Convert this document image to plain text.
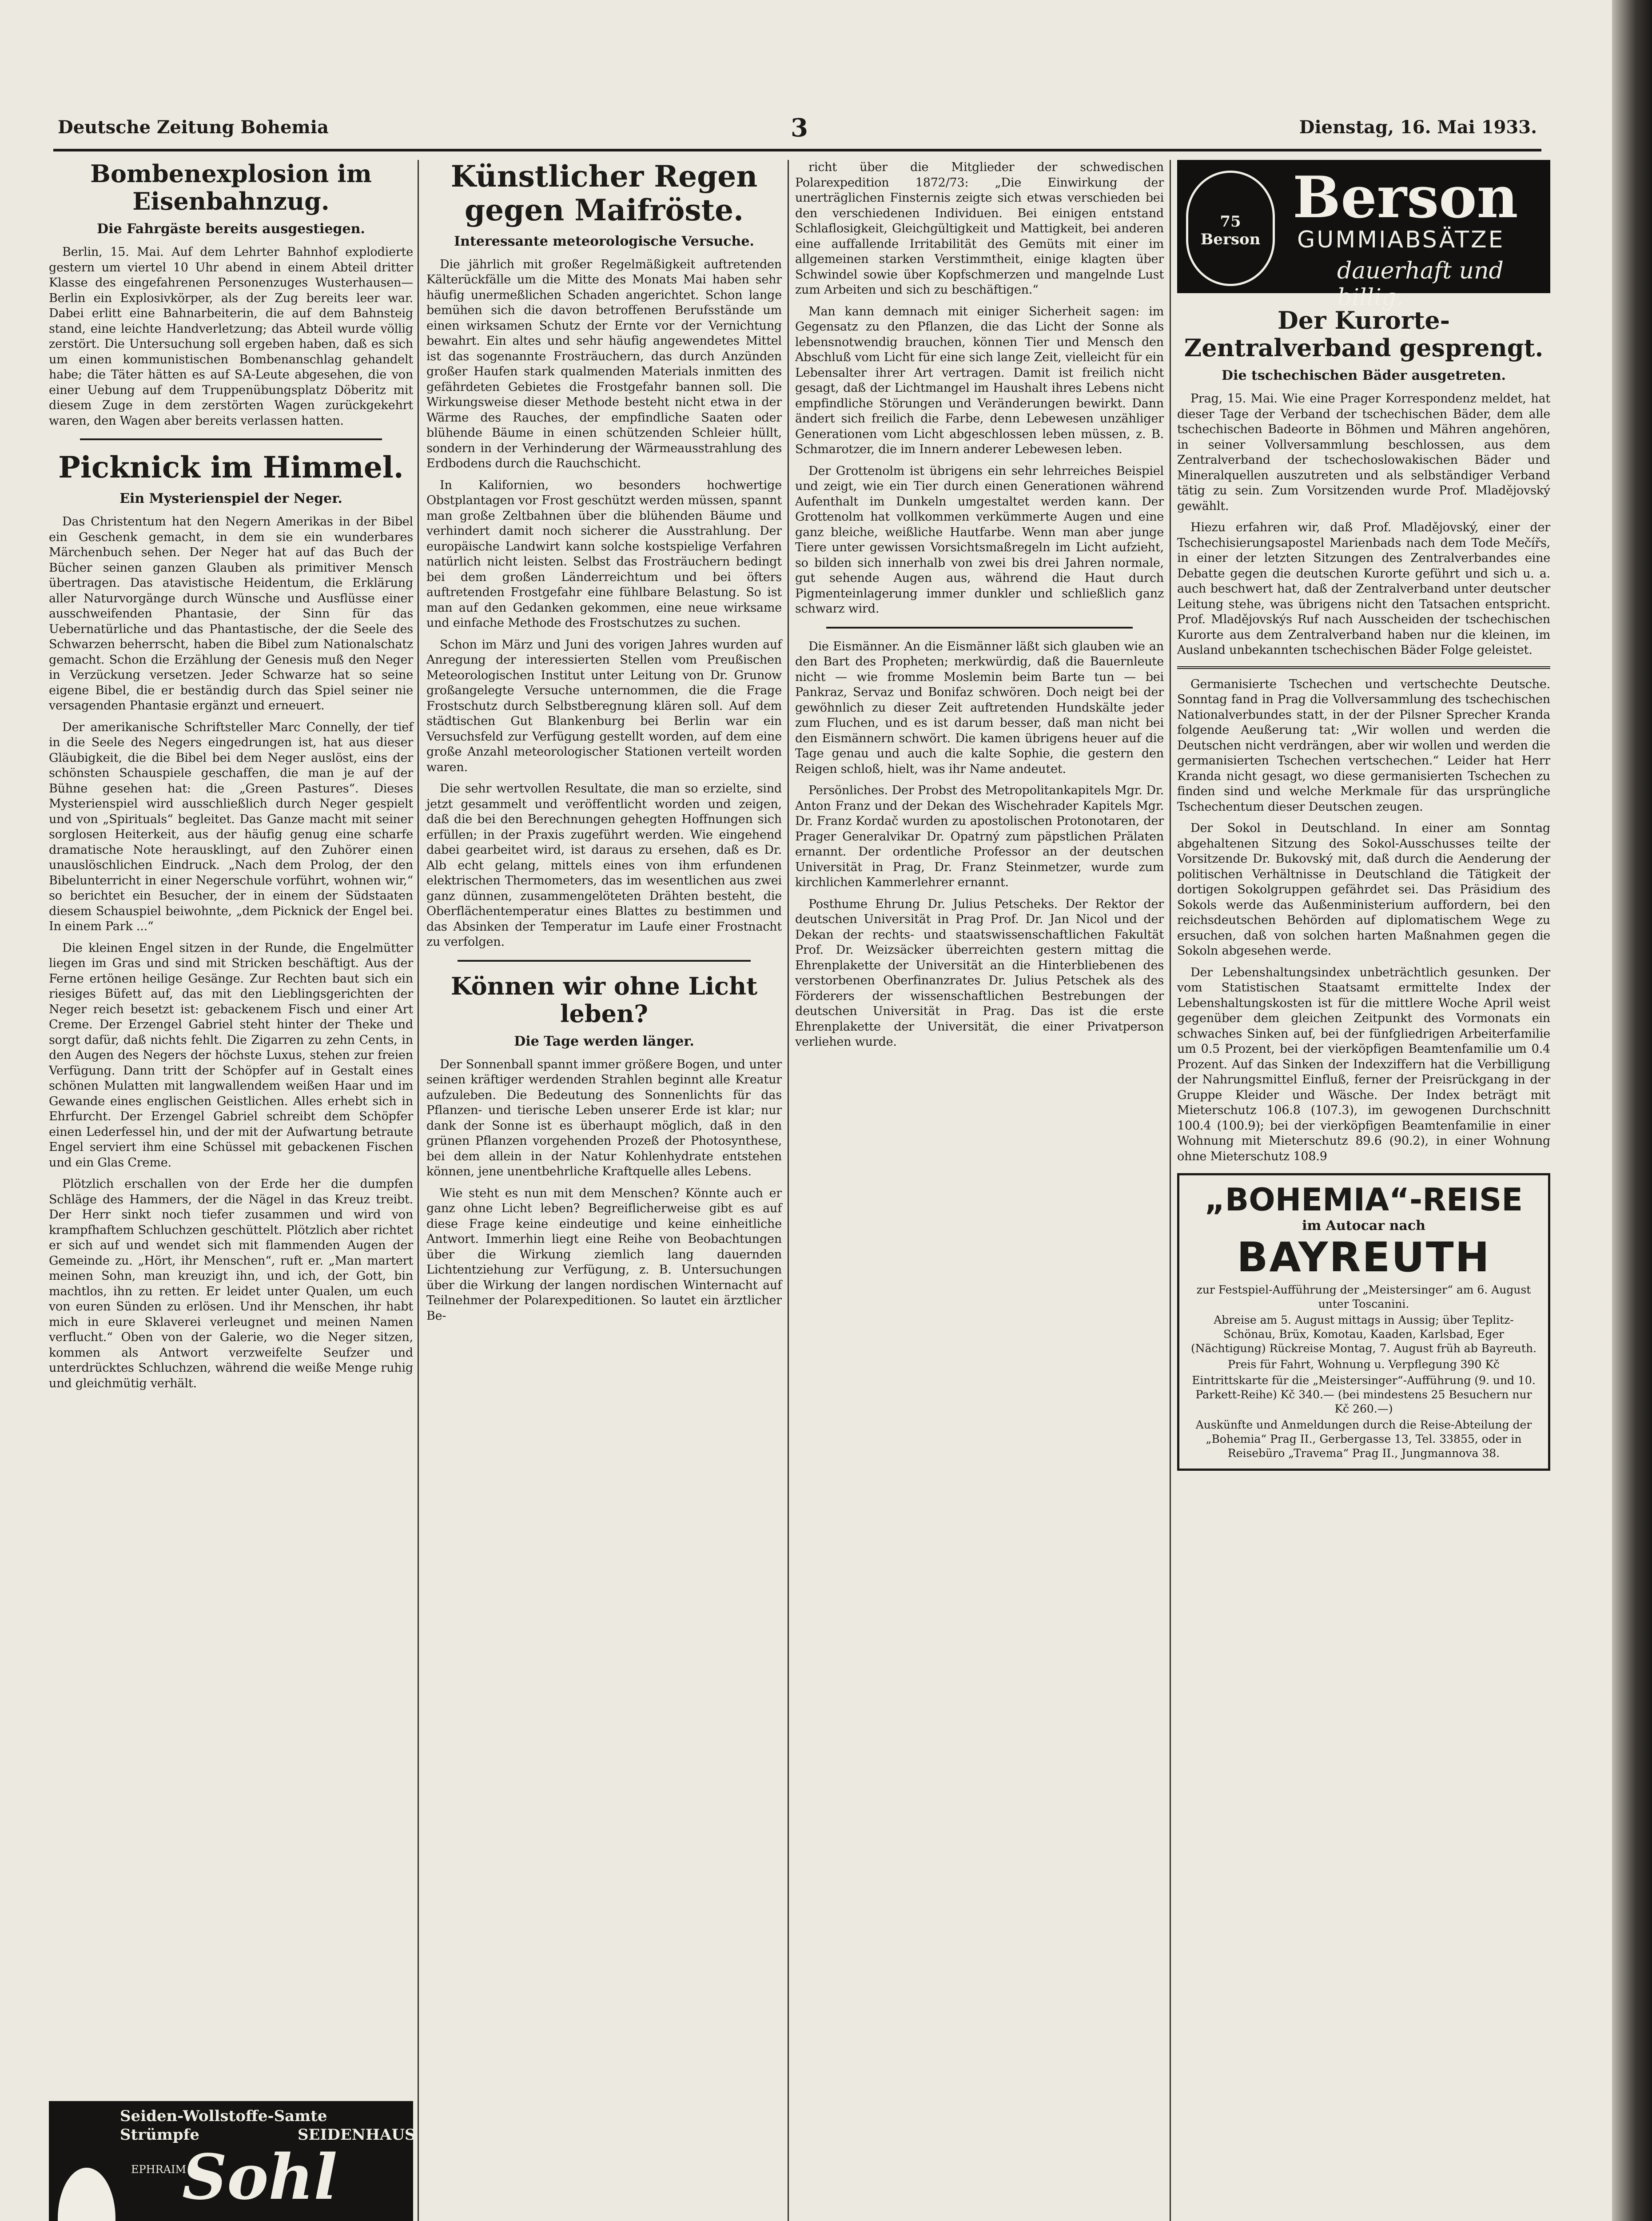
Deutsche Zeitung Bohemia	3	Dienstag, 16. Mai 1933.
Bombenexplosion im Eisenbahnzug.
Die Fahrgäste bereits ausgestiegen.

Berlin, 15. Mai. Auf dem Lehrter Bahnhof explodierte gestern um viertel 10 Uhr abend in einem Abteil dritter Klasse des eingefahrenen Personenzuges Wusterhausen—Berlin ein Explosivkörper, als der Zug bereits leer war. Dabei erlitt eine Bahnarbeiterin, die auf dem Bahnsteig stand, eine leichte Handverletzung; das Abteil wurde völlig zerstört. Die Untersuchung soll ergeben haben, daß es sich um einen kommunistischen Bombenanschlag gehandelt habe; die Täter hätten es auf SA-Leute abgesehen, die von einer Uebung auf dem Truppenübungsplatz Döberitz mit diesem Zuge in dem zerstörten Wagen zurückgekehrt waren, den Wagen aber bereits verlassen hatten.

Picknick im Himmel.
Ein Mysterienspiel der Neger.

Das Christentum hat den Negern Amerikas in der Bibel ein Geschenk gemacht, in dem sie ein wunderbares Märchenbuch sehen. Der Neger hat auf das Buch der Bücher seinen ganzen Glauben als primitiver Mensch übertragen. Das atavistische Heidentum, die Erklärung aller Naturvorgänge durch Wünsche und Ausflüsse einer ausschweifenden Phantasie, der Sinn für das Uebernatürliche und das Phantastische, der die Seele des Schwarzen beherrscht, haben die Bibel zum Nationalschatz gemacht. Schon die Erzählung der Genesis muß den Neger in Verzückung versetzen. Jeder Schwarze hat so seine eigene Bibel, die er beständig durch das Spiel seiner nie versagenden Phantasie ergänzt und erneuert.

Der amerikanische Schriftsteller Marc Connelly, der tief in die Seele des Negers eingedrungen ist, hat aus dieser Gläubigkeit, die die Bibel bei dem Neger auslöst, eins der schönsten Schauspiele geschaffen, die man je auf der Bühne gesehen hat: die „Green Pastures“. Dieses Mysterienspiel wird ausschließlich durch Neger gespielt und von „Spirituals“ begleitet. Das Ganze macht mit seiner sorglosen Heiterkeit, aus der häufig genug eine scharfe dramatische Note herausklingt, auf den Zuhörer einen unauslöschlichen Eindruck. „Nach dem Prolog, der den Bibelunterricht in einer Negerschule vorführt, wohnen wir,“ so berichtet ein Besucher, der in einem der Südstaaten diesem Schauspiel beiwohnte, „dem Picknick der Engel bei. In einem Park ...“

Die kleinen Engel sitzen in der Runde, die Engelmütter liegen im Gras und sind mit Stricken beschäftigt. Aus der Ferne ertönen heilige Gesänge. Zur Rechten baut sich ein riesiges Büfett auf, das mit den Lieblingsgerichten der Neger reich besetzt ist: gebackenem Fisch und einer Art Creme. Der Erzengel Gabriel steht hinter der Theke und sorgt dafür, daß nichts fehlt. Die Zigarren zu zehn Cents, in den Augen des Negers der höchste Luxus, stehen zur freien Verfügung. Dann tritt der Schöpfer auf in Gestalt eines schönen Mulatten mit langwallendem weißen Haar und im Gewande eines englischen Geistlichen. Alles erhebt sich in Ehrfurcht. Der Erzengel Gabriel schreibt dem Schöpfer einen Lederfessel hin, und der mit der Aufwartung betraute Engel serviert ihm eine Schüssel mit gebackenen Fischen und ein Glas Creme.

Plötzlich erschallen von der Erde her die dumpfen Schläge des Hammers, der die Nägel in das Kreuz treibt. Der Herr sinkt noch tiefer zusammen und wird von krampfhaftem Schluchzen geschüttelt. Plötzlich aber richtet er sich auf und wendet sich mit flammenden Augen der Gemeinde zu. „Hört, ihr Menschen“, ruft er. „Man martert meinen Sohn, man kreuzigt ihn, und ich, der Gott, bin machtlos, ihn zu retten. Er leidet unter Qualen, um euch von euren Sünden zu erlösen. Und ihr Menschen, ihr habt mich in eure Sklaverei verleugnet und meinen Namen verflucht.“ Oben von der Galerie, wo die Neger sitzen, kommen als Antwort verzweifelte Seufzer und unterdrücktes Schluchzen, während die weiße Menge ruhig und gleichmütig verhält.

Seiden-Wollstoffe-Samte
Strümpfe	SEIDENHAUS
EPHRAIM
Sohl
Künstlicher Regen gegen Maifröste.
Interessante meteorologische Versuche.

Die jährlich mit großer Regelmäßigkeit auftretenden Kälterückfälle um die Mitte des Monats Mai haben sehr häufig unermeßlichen Schaden angerichtet. Schon lange bemühen sich die davon betroffenen Berufsstände um einen wirksamen Schutz der Ernte vor der Vernichtung bewahrt. Ein altes und sehr häufig angewendetes Mittel ist das sogenannte Frosträuchern, das durch Anzünden großer Haufen stark qualmenden Materials inmitten des gefährdeten Gebietes die Frostgefahr bannen soll. Die Wirkungsweise dieser Methode besteht nicht etwa in der Wärme des Rauches, der empfindliche Saaten oder blühende Bäume in einen schützenden Schleier hüllt, sondern in der Verhinderung der Wärmeausstrahlung des Erdbodens durch die Rauchschicht.

In Kalifornien, wo besonders hochwertige Obstplantagen vor Frost geschützt werden müssen, spannt man große Zeltbahnen über die blühenden Bäume und verhindert damit noch sicherer die Ausstrahlung. Der europäische Landwirt kann solche kostspielige Verfahren natürlich nicht leisten. Selbst das Frosträuchern bedingt bei dem großen Länderreichtum und bei öfters auftretenden Frostgefahr eine fühlbare Belastung. So ist man auf den Gedanken gekommen, eine neue wirksame und einfache Methode des Frostschutzes zu suchen.

Schon im März und Juni des vorigen Jahres wurden auf Anregung der interessierten Stellen vom Preußischen Meteorologischen Institut unter Leitung von Dr. Grunow großangelegte Versuche unternommen, die die Frage Frostschutz durch Selbstberegnung klären soll. Auf dem städtischen Gut Blankenburg bei Berlin war ein Versuchsfeld zur Verfügung gestellt worden, auf dem eine große Anzahl meteorologischer Stationen verteilt worden waren.

Die sehr wertvollen Resultate, die man so erzielte, sind jetzt gesammelt und veröffentlicht worden und zeigen, daß die bei den Berechnungen gehegten Hoffnungen sich erfüllen; in der Praxis zugeführt werden. Wie eingehend dabei gearbeitet wird, ist daraus zu ersehen, daß es Dr. Alb echt gelang, mittels eines von ihm erfundenen elektrischen Thermometers, das im wesentlichen aus zwei ganz dünnen, zusammengelöteten Drähten besteht, die Oberflächentemperatur eines Blattes zu bestimmen und das Absinken der Temperatur im Laufe einer Frostnacht zu verfolgen.

Können wir ohne Licht leben?
Die Tage werden länger.

Der Sonnenball spannt immer größere Bogen, und unter seinen kräftiger werdenden Strahlen beginnt alle Kreatur aufzuleben. Die Bedeutung des Sonnenlichts für das Pflanzen- und tierische Leben unserer Erde ist klar; nur dank der Sonne ist es überhaupt möglich, daß in den grünen Pflanzen vorgehenden Prozeß der Photosynthese, bei dem allein in der Natur Kohlenhydrate entstehen können, jene unentbehrliche Kraftquelle alles Lebens.

Wie steht es nun mit dem Menschen? Könnte auch er ganz ohne Licht leben? Begreiflicherweise gibt es auf diese Frage keine eindeutige und keine einheitliche Antwort. Immerhin liegt eine Reihe von Beobachtungen über die Wirkung ziemlich lang dauernden Lichtentziehung zur Verfügung, z. B. Untersuchungen über die Wirkung der langen nordischen Winternacht auf Teilnehmer der Polarexpeditionen. So lautet ein ärztlicher Be-

richt über die Mitglieder der schwedischen Polarexpedition 1872/73: „Die Einwirkung der unerträglichen Finsternis zeigte sich etwas verschieden bei den verschiedenen Individuen. Bei einigen entstand Schlaflosigkeit, Gleichgültigkeit und Mattigkeit, bei anderen eine auffallende Irritabilität des Gemüts mit einer im allgemeinen starken Verstimmtheit, einige klagten über Schwindel sowie über Kopfschmerzen und mangelnde Lust zum Arbeiten und sich zu beschäftigen.“

Man kann demnach mit einiger Sicherheit sagen: im Gegensatz zu den Pflanzen, die das Licht der Sonne als lebensnotwendig brauchen, können Tier und Mensch den Abschluß vom Licht für eine sich lange Zeit, vielleicht für ein Lebensalter ihrer Art vertragen. Damit ist freilich nicht gesagt, daß der Lichtmangel im Haushalt ihres Lebens nicht empfindliche Störungen und Veränderungen bewirkt. Dann ändert sich freilich die Farbe, denn Lebewesen unzähliger Generationen vom Licht abgeschlossen leben müssen, z. B. Schmarotzer, die im Innern anderer Lebewesen leben.

Der Grottenolm ist übrigens ein sehr lehrreiches Beispiel und zeigt, wie ein Tier durch einen Generationen während Aufenthalt im Dunkeln umgestaltet werden kann. Der Grottenolm hat vollkommen verkümmerte Augen und eine ganz bleiche, weißliche Hautfarbe. Wenn man aber junge Tiere unter gewissen Vorsichtsmaßregeln im Licht aufzieht, so bilden sich innerhalb von zwei bis drei Jahren normale, gut sehende Augen aus, während die Haut durch Pigmenteinlagerung immer dunkler und schließlich ganz schwarz wird.

Die Eismänner. An die Eismänner läßt sich glauben wie an den Bart des Propheten; merkwürdig, daß die Bauernleute nicht — wie fromme Moslemin beim Barte tun — bei Pankraz, Servaz und Bonifaz schwören. Doch neigt bei der gewöhnlich zu dieser Zeit auftretenden Hundskälte jeder zum Fluchen, und es ist darum besser, daß man nicht bei den Eismännern schwört. Die kamen übrigens heuer auf die Tage genau und auch die kalte Sophie, die gestern den Reigen schloß, hielt, was ihr Name andeutet.

Persönliches. Der Probst des Metropolitankapitels Mgr. Dr. Anton Franz und der Dekan des Wischehrader Kapitels Mgr. Dr. Franz Kordač wurden zu apostolischen Protonotaren, der Prager Generalvikar Dr. Opatrný zum päpstlichen Prälaten ernannt. Der ordentliche Professor an der deutschen Universität in Prag, Dr. Franz Steinmetzer, wurde zum kirchlichen Kammerlehrer ernannt.

Posthume Ehrung Dr. Julius Petscheks. Der Rektor der deutschen Universität in Prag Prof. Dr. Jan Nicol und der Dekan der rechts- und staatswissenschaftlichen Fakultät Prof. Dr. Weizsäcker überreichten gestern mittag die Ehrenplakette der Universität an die Hinterbliebenen des verstorbenen Oberfinanzrates Dr. Julius Petschek als des Förderers der wissenschaftlichen Bestrebungen der deutschen Universität in Prag. Das ist die erste Ehrenplakette der Universität, die einer Privatperson verliehen wurde.

75 Berson
Berson
GUMMIABSÄTZE
dauerhaft und billig.
Der Kurorte-Zentralverband gesprengt.
Die tschechischen Bäder ausgetreten.

Prag, 15. Mai. Wie eine Prager Korrespondenz meldet, hat dieser Tage der Verband der tschechischen Bäder, dem alle tschechischen Badeorte in Böhmen und Mähren angehören, in seiner Vollversammlung beschlossen, aus dem Zentralverband der tschechoslowakischen Bäder und Mineralquellen auszutreten und als selbständiger Verband tätig zu sein. Zum Vorsitzenden wurde Prof. Mladějovský gewählt.

Hiezu erfahren wir, daß Prof. Mladějovský, einer der Tschechisierungsapostel Marienbads nach dem Tode Mečířs, in einer der letzten Sitzungen des Zentralverbandes eine Debatte gegen die deutschen Kurorte geführt und sich u. a. auch beschwert hat, daß der Zentralverband unter deutscher Leitung stehe, was übrigens nicht den Tatsachen entspricht. Prof. Mladějovskýs Ruf nach Ausscheiden der tschechischen Kurorte aus dem Zentralverband haben nur die kleinen, im Ausland unbekannten tschechischen Bäder Folge geleistet.

Germanisierte Tschechen und vertschechte Deutsche. Sonntag fand in Prag die Vollversammlung des tschechischen Nationalverbundes statt, in der der Pilsner Sprecher Kranda folgende Aeußerung tat: „Wir wollen und werden die Deutschen nicht verdrängen, aber wir wollen und werden die germanisierten Tschechen vertschechen.“ Leider hat Herr Kranda nicht gesagt, wo diese germanisierten Tschechen zu finden sind und welche Merkmale für das ursprüngliche Tschechentum dieser Deutschen zeugen.

Der Sokol in Deutschland. In einer am Sonntag abgehaltenen Sitzung des Sokol-Ausschusses teilte der Vorsitzende Dr. Bukovský mit, daß durch die Aenderung der politischen Verhältnisse in Deutschland die Tätigkeit der dortigen Sokolgruppen gefährdet sei. Das Präsidium des Sokols werde das Außenministerium auffordern, bei den reichsdeutschen Behörden auf diplomatischem Wege zu ersuchen, daß von solchen harten Maßnahmen gegen die Sokoln abgesehen werde.

Der Lebenshaltungsindex unbeträchtlich gesunken. Der vom Statistischen Staatsamt ermittelte Index der Lebenshaltungskosten ist für die mittlere Woche April weist gegenüber dem gleichen Zeitpunkt des Vormonats ein schwaches Sinken auf, bei der fünfgliedrigen Arbeiterfamilie um 0.5 Prozent, bei der vierköpfigen Beamtenfamilie um 0.4 Prozent. Auf das Sinken der Indexziffern hat die Verbilligung der Nahrungsmittel Einfluß, ferner der Preisrückgang in der Gruppe Kleider und Wäsche. Der Index beträgt mit Mieterschutz 106.8 (107.3), im gewogenen Durchschnitt 100.4 (100.9); bei der vierköpfigen Beamtenfamilie in einer Wohnung mit Mieterschutz 89.6 (90.2), in einer Wohnung ohne Mieterschutz 108.9

„BOHEMIA“-REISE
im Autocar nach
BAYREUTH

zur Festspiel-Aufführung der „Meistersinger“ am 6. August unter Toscanini.

Abreise am 5. August mittags in Aussig; über Teplitz-Schönau, Brüx, Komotau, Kaaden, Karlsbad, Eger (Nächtigung) Rückreise Montag, 7. August früh ab Bayreuth.

Preis für Fahrt, Wohnung u. Verpflegung 390 Kč

Eintrittskarte für die „Meistersinger“-Aufführung (9. und 10. Parkett-Reihe) Kč 340.— (bei mindestens 25 Besuchern nur Kč 260.—)

Auskünfte und Anmeldungen durch die Reise-Abteilung der „Bohemia“ Prag II., Gerbergasse 13, Tel. 33855, oder in Reisebüro „Travema“ Prag II., Jungmannova 38.
